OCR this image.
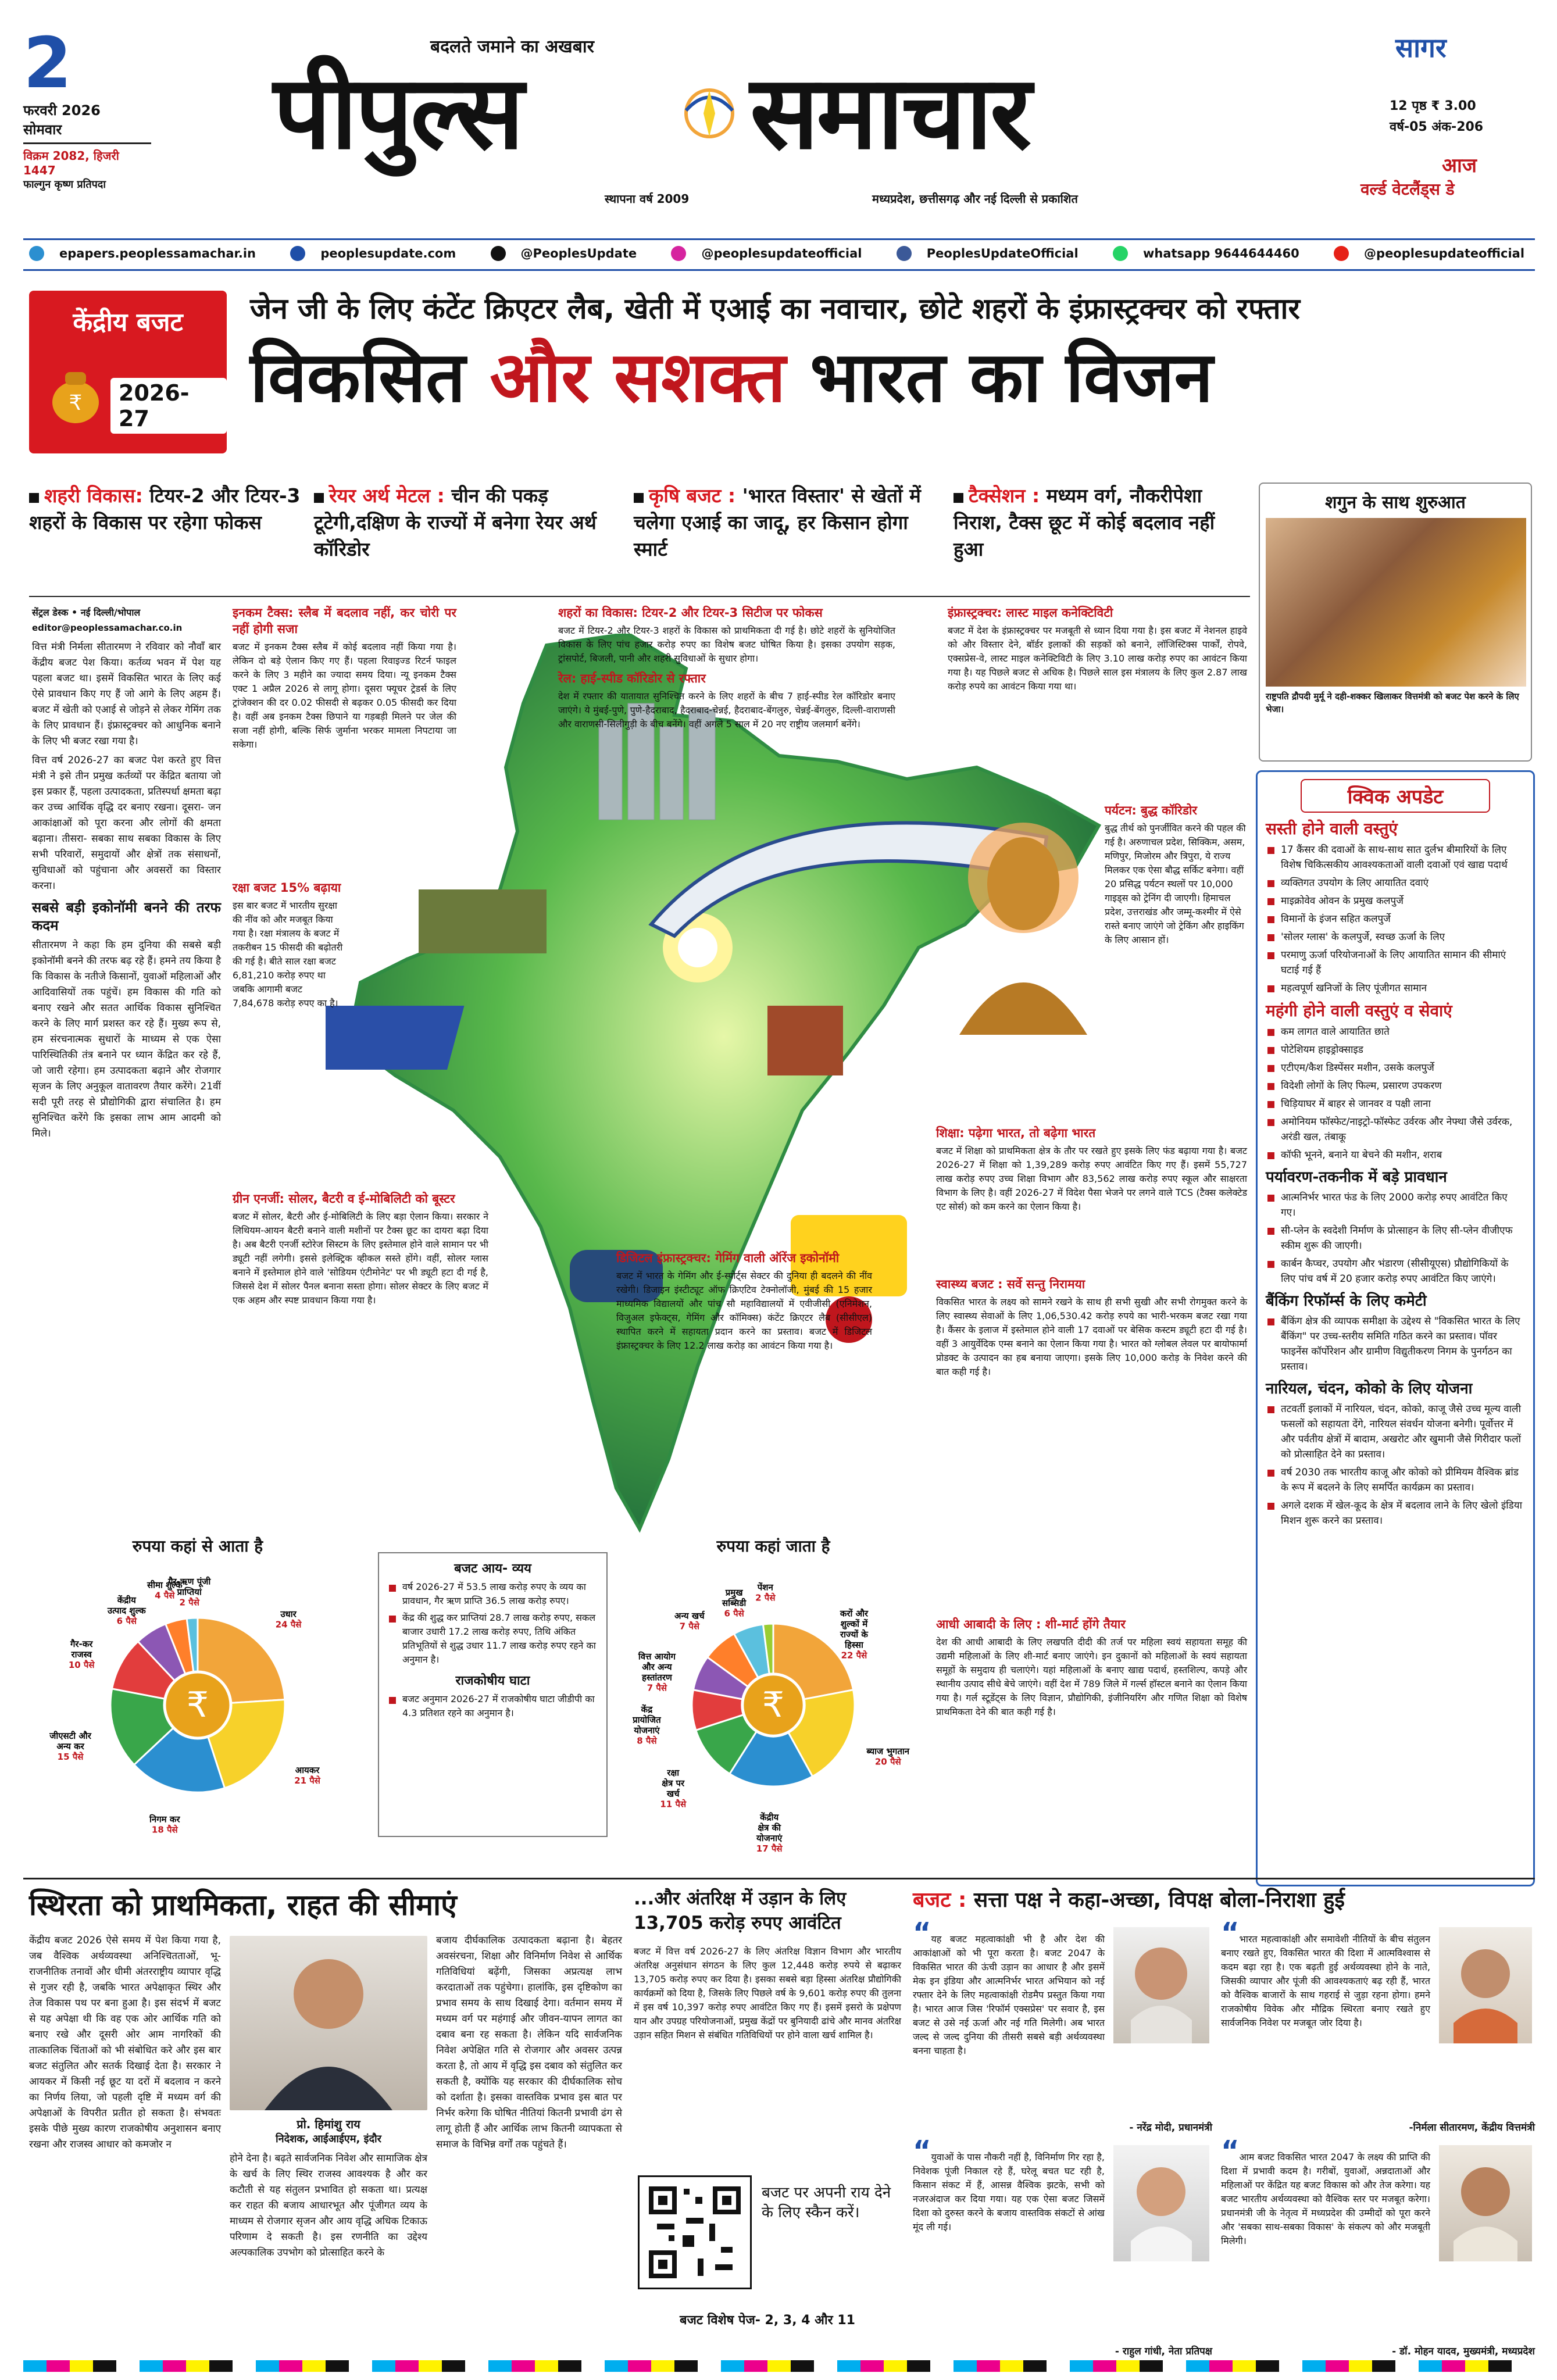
2
फरवरी 2026
सोमवार
विक्रम 2082, हिजरी 1447
फाल्गुन कृष्ण प्रतिपदा
बदलते जमाने का अखबार
पीपुल्स समाचार
स्थापना वर्ष 2009	मध्यप्रदेश, छत्तीसगढ़ और नई दिल्ली से प्रकाशित
सागर
12 पृष्ठ ₹ 3.00
वर्ष-05 अंक-206
आज
वर्ल्ड वेटलैंड्स डे
epapers.peoplessamachar.in	peoplesupdate.com	@PeoplesUpdate	@peoplesupdateofficial	PeoplesUpdateOfficial	whatsapp 9644644460	@peoplesupdateofficial
केंद्रीय बजट
₹	2026-27
जेन जी के लिए कंटेंट क्रिएटर लैब, खेती में एआई का नवाचार, छोटे शहरों के इंफ्रास्ट्रक्चर को रफ्तार
विकसित और सशक्त भारत का विजन
शहरी विकास: टियर-2 और टियर-3 शहरों के विकास पर रहेगा फोकस
रेयर अर्थ मेटल : चीन की पकड़ टूटेगी,दक्षिण के राज्यों में बनेगा रेयर अर्थ कॉरिडोर
कृषि बजट : 'भारत विस्तार' से खेतों में चलेगा एआई का जादू, हर किसान होगा स्मार्ट
टैक्सेशन : मध्यम वर्ग, नौकरीपेशा निराश, टैक्स छूट में कोई बदलाव नहीं हुआ
सेंट्रल डेस्क • नई दिल्ली/भोपाल
editor@peoplessamachar.co.in

वित्त मंत्री निर्मला सीतारमण ने रविवार को नौवाँ बार केंद्रीय बजट पेश किया। कर्तव्य भवन में पेश यह पहला बजट था। इसमें विकसित भारत के लिए कई ऐसे प्रावधान किए गए हैं जो आगे के लिए अहम हैं। बजट में खेती को एआई से जोड़ने से लेकर गेमिंग तक के लिए प्रावधान हैं। इंफ्रास्ट्रक्चर को आधुनिक बनाने के लिए भी बजट रखा गया है।

वित्त वर्ष 2026-27 का बजट पेश करते हुए वित्त मंत्री ने इसे तीन प्रमुख कर्तव्यों पर केंद्रित बताया जो इस प्रकार हैं, पहला उत्पादकता, प्रतिस्पर्धा क्षमता बढ़ा कर उच्च आर्थिक वृद्धि दर बनाए रखना। दूसरा- जन आकांक्षाओं को पूरा करना और लोगों की क्षमता बढ़ाना। तीसरा- सबका साथ सबका विकास के लिए सभी परिवारों, समुदायों और क्षेत्रों तक संसाधनों, सुविधाओं को पहुंचाना और अवसरों का विस्तार करना।

सबसे बड़ी इकोनॉमी बनने की तरफ कदम

सीतारमण ने कहा कि हम दुनिया की सबसे बड़ी इकोनॉमी बनने की तरफ बढ़ रहे हैं। हमने तय किया है कि विकास के नतीजे किसानों, युवाओं महिलाओं और आदिवासियों तक पहुंचें। हम विकास की गति को बनाए रखने और सतत आर्थिक विकास सुनिश्चित करने के लिए मार्ग प्रशस्त कर रहे हैं। मुख्य रूप से, हम संरचनात्मक सुधारों के माध्यम से एक ऐसा पारिस्थितिकी तंत्र बनाने पर ध्यान केंद्रित कर रहे हैं, जो जारी रहेगा। हम उत्पादकता बढ़ाने और रोजगार सृजन के लिए अनुकूल वातावरण तैयार करेंगे। 21वीं सदी पूरी तरह से प्रौद्योगिकी द्वारा संचालित है। हम सुनिश्चित करेंगे कि इसका लाभ आम आदमी को मिले।

इनकम टैक्स: स्लैब में बदलाव नहीं, कर चोरी पर नहीं होगी सजा

बजट में इनकम टैक्स स्लैब में कोई बदलाव नहीं किया गया है। लेकिन दो बड़े ऐलान किए गए हैं। पहला रिवाइज्ड रिटर्न फाइल करने के लिए 3 महीने का ज्यादा समय दिया। न्यू इनकम टैक्स एक्ट 1 अप्रैल 2026 से लागू होगा। दूसरा फ्यूचर ट्रेडर्स के लिए ट्रांजेक्शन की दर 0.02 फीसदी से बढ़कर 0.05 फीसदी कर दिया है। वहीं अब इनकम टैक्स छिपाने या गड़बड़ी मिलने पर जेल की सजा नहीं होगी, बल्कि सिर्फ जुर्माना भरकर मामला निपटाया जा सकेगा।

रक्षा बजट 15% बढ़ाया

इस बार बजट में भारतीय सुरक्षा की नींव को और मजबूत किया गया है। रक्षा मंत्रालय के बजट में तकरीबन 15 फीसदी की बढ़ोतरी की गई है। बीते साल रक्षा बजट 6,81,210 करोड़ रुपए था जबकि आगामी बजट 7,84,678 करोड़ रुपए का है।

ग्रीन एनर्जी: सोलर, बैटरी व ई-मोबिलिटी को बूस्टर

बजट में सोलर, बैटरी और ई-मोबिलिटी के लिए बड़ा ऐलान किया। सरकार ने लिथियम-आयन बैटरी बनाने वाली मशीनों पर टैक्स छूट का दायरा बढ़ा दिया है। अब बैटरी एनर्जी स्टोरेज सिस्टम के लिए इस्तेमाल होने वाले सामान पर भी ड्यूटी नहीं लगेगी। इससे इलेक्ट्रिक व्हीकल सस्ते होंगे। वहीं, सोलर ग्लास बनाने में इस्तेमाल होने वाले 'सोडियम एंटीमोनेट' पर भी ड्यूटी हटा दी गई है, जिससे देश में सोलर पैनल बनाना सस्ता होगा। सोलर सेक्टर के लिए बजट में एक अहम और स्पष्ट प्रावधान किया गया है।

शहरों का विकास: टियर-2 और टियर-3 सिटीज पर फोकस

बजट में टियर-2 और टियर-3 शहरों के विकास को प्राथमिकता दी गई है। छोटे शहरों के सुनियोजित विकास के लिए पांच हजार करोड़ रुपए का विशेष बजट घोषित किया है। इसका उपयोग सड़क, ट्रांसपोर्ट, बिजली, पानी और शहरी सुविधाओं के सुधार होगा।

रेल: हाई-स्पीड कॉरिडोर से रफ्तार

देश में रफ्तार की यातायात सुनिश्चित करने के लिए शहरों के बीच 7 हाई-स्पीड रेल कॉरिडोर बनाए जाएंगे। ये मुंबई-पुणे, पुणे-हैदराबाद, हैदराबाद-चेन्नई, हैदराबाद-बेंगलुरु, चेन्नई-बेंगलुरु, दिल्ली-वाराणसी और वाराणसी-सिलीगुड़ी के बीच बनेंगे। वहीं अगले 5 साल में 20 नए राष्ट्रीय जलमार्ग बनेंगे।

इंफ्रास्ट्रक्चर: लास्ट माइल कनेक्टिविटी

बजट में देश के इंफ्रास्ट्रक्चर पर मजबूती से ध्यान दिया गया है। इस बजट में नेशनल हाइवे को और विस्तार देने, बॉर्डर इलाकों की सड़कों को बनाने, लॉजिस्टिक्स पार्कों, रोपवे, एक्सप्रेस-वे, लास्ट माइल कनेक्टिविटी के लिए 3.10 लाख करोड़ रुपए का आवंटन किया गया है। यह पिछले बजट से अधिक है। पिछले साल इस मंत्रालय के लिए कुल 2.87 लाख करोड़ रुपये का आवंटन किया गया था।

पर्यटन: बुद्ध कॉरिडोर

बुद्ध तीर्थ को पुनर्जीवित करने की पहल की गई है। अरुणाचल प्रदेश, सिक्किम, असम, मणिपुर, मिजोरम और त्रिपुरा, ये राज्य मिलकर एक ऐसा बौद्ध सर्किट बनेगा। वहीं 20 प्रसिद्ध पर्यटन स्थलों पर 10,000 गाइड्स को ट्रेनिंग दी जाएगी। हिमाचल प्रदेश, उत्तराखंड और जम्मू-कश्मीर में ऐसे रास्ते बनाए जाएंगे जो ट्रेकिंग और हाइकिंग के लिए आसान हों।

शिक्षा: पढ़ेगा भारत, तो बढ़ेगा भारत

बजट में शिक्षा को प्राथमिकता क्षेत्र के तौर पर रखते हुए इसके लिए फंड बढ़ाया गया है। बजट 2026-27 में शिक्षा को 1,39,289 करोड़ रुपए आवंटित किए गए हैं। इसमें 55,727 लाख करोड़ रुपए उच्च शिक्षा विभाग और 83,562 लाख करोड़ रुपए स्कूल और साक्षरता विभाग के लिए है। वहीं 2026-27 में विदेश पैसा भेजने पर लगने वाले TCS (टैक्स कलेक्टेड एट सोर्स) को कम करने का ऐलान किया है।

डिजिटल इंफ्रास्ट्रक्चर: गेमिंग वाली ऑरेंज इकोनॉमी

बजट में भारत के गेमिंग और ई-स्पोर्ट्स सेक्टर की दुनिया ही बदलने की नींव रखेगी। डिजाइन इंस्टीट्यूट ऑफ क्रिएटिव टेक्नोलॉजी, मुंबई की 15 हजार माध्यमिक विद्यालयों और पांच सौ महाविद्यालयों में एवीजीसी (एनिमेशन, विजुअल इफेक्ट्स, गेमिंग और कॉमिक्स) कंटेंट क्रिएटर लैब (सीसीएल) स्थापित करने में सहायता प्रदान करने का प्रस्ताव। बजट में डिजिटल इंफ्रास्ट्रक्चर के लिए 12.2 लाख करोड़ का आवंटन किया गया है।

स्वास्थ्य बजट : सर्वे सन्तु निरामया

विकसित भारत के लक्ष्य को सामने रखने के साथ ही सभी सुखी और सभी रोगमुक्त करने के लिए स्वास्थ्य सेवाओं के लिए 1,06,530.42 करोड़ रुपये का भारी-भरकम बजट रखा गया है। कैंसर के इलाज में इस्तेमाल होने वाली 17 दवाओं पर बेसिक कस्टम ड्यूटी हटा दी गई है। वहीं 3 आयुर्वेदिक एम्स बनाने का ऐलान किया गया है। भारत को ग्लोबल लेवल पर बायोफार्मा प्रोडक्ट के उत्पादन का हब बनाया जाएगा। इसके लिए 10,000 करोड़ के निवेश करने की बात कही गई है।

आधी आबादी के लिए : शी-मार्ट होंगे तैयार

देश की आधी आबादी के लिए लखपति दीदी की तर्ज पर महिला स्वयं सहायता समूह की उद्यमी महिलाओं के लिए शी-मार्ट बनाए जाएंगे। इन दुकानों को महिलाओं के स्वयं सहायता समूहों के समुदाय ही चलाएंगे। यहां महिलाओं के बनाए खाद्य पदार्थ, हस्तशिल्प, कपड़े और स्थानीय उत्पाद सीधे बेचे जाएंगे। वहीं देश में 789 जिले में गर्ल्स हॉस्टल बनाने का ऐलान किया गया है। गर्ल स्टूडेंट्स के लिए विज्ञान, प्रौद्योगिकी, इंजीनियरिंग और गणित शिक्षा को विशेष प्राथमिकता देने की बात कही गई है।

रुपया कहां से आता है
उधार 24 पैसे
आयकर 21 पैसे
निगम कर 18 पैसे
जीएसटी और अन्य कर 15 पैसे
गैर-कर राजस्व 10 पैसे
केंद्रीय उत्पाद शुल्क 6 पैसे
सीमा शुल्क 4 पैसे
गैर-ऋण पूंजी प्राप्तियां 2 पैसे
₹
रुपया कहां जाता है
करों और शुल्कों में राज्यों के हिस्सा 22 पैसे
ब्याज भुगतान 20 पैसे
केंद्रीय क्षेत्र की योजनाएं 17 पैसे
रक्षा क्षेत्र पर खर्च 11 पैसे
केंद्र प्रायोजित योजनाएं 8 पैसे
वित्त आयोग और अन्य हस्तांतरण 7 पैसे
अन्य खर्च 7 पैसे
प्रमुख सब्सिडी 6 पैसे
पेंशन 2 पैसे
₹
बजट आय- व्यय
वर्ष 2026-27 में 53.5 लाख करोड़ रुपए के व्यय का प्रावधान, गैर ऋण प्राप्ति 36.5 लाख करोड़ रुपए।
केंद्र की शुद्ध कर प्राप्तियां 28.7 लाख करोड़ रुपए, सकल बाजार उधारी 17.2 लाख करोड़ रुपए, तिथि अंकित प्रतिभूतियों से शुद्ध उधार 11.7 लाख करोड़ रुपए रहने का अनुमान है।
राजकोषीय घाटा
बजट अनुमान 2026-27 में राजकोषीय घाटा जीडीपी का 4.3 प्रतिशत रहने का अनुमान है।
शगुन के साथ शुरुआत
राष्ट्रपति द्रौपदी मुर्मू ने दही-शक्कर खिलाकर वित्तमंत्री को बजट पेश करने के लिए भेजा।
क्विक अपडेट
सस्ती होने वाली वस्तुएं
17 कैंसर की दवाओं के साथ-साथ सात दुर्लभ बीमारियों के लिए विशेष चिकित्सकीय आवश्यकताओं वाली दवाओं एवं खाद्य पदार्थ
व्यक्तिगत उपयोग के लिए आयातित दवाएं
माइक्रोवेव ओवन के प्रमुख कलपुर्जे
विमानों के इंजन सहित कलपुर्जे
'सोलर ग्लास' के कलपुर्जे, स्वच्छ ऊर्जा के लिए
परमाणु ऊर्जा परियोजनाओं के लिए आयातित सामान की सीमाएं घटाई गई हैं
महत्वपूर्ण खनिजों के लिए पूंजीगत सामान
महंगी होने वाली वस्तुएं व सेवाएं
कम लागत वाले आयातित छाते
पोटेशियम हाइड्रोक्साइड
एटीएम/कैश डिस्पेंसर मशीन, उसके कलपुर्जे
विदेशी लोगों के लिए फिल्म, प्रसारण उपकरण
चिड़ियाघर में बाहर से जानवर व पक्षी लाना
अमोनियम फॉस्फेट/नाइट्रो-फॉस्फेट उर्वरक और नेफ्था जैसे उर्वरक, अरंडी खल, तंबाकू
कॉफी भूनने, बनाने या बेचने की मशीन, शराब
पर्यावरण-तकनीक में बड़े प्रावधान
आत्मनिर्भर भारत फंड के लिए 2000 करोड़ रुपए आवंटित किए गए।
सी-प्लेन के स्वदेशी निर्माण के प्रोत्साहन के लिए सी-प्लेन वीजीएफ स्कीम शुरू की जाएगी।
कार्बन कैप्चर, उपयोग और भंडारण (सीसीयूएस) प्रौद्योगिकियों के लिए पांच वर्ष में 20 हजार करोड़ रुपए आवंटित किए जाएंगे।
बैंकिंग रिफॉर्म्स के लिए कमेटी
बैंकिंग क्षेत्र की व्यापक समीक्षा के उद्देश्य से "विकसित भारत के लिए बैंकिंग" पर उच्च-स्तरीय समिति गठित करने का प्रस्ताव। पॉवर फाइनेंस कॉर्पोरेशन और ग्रामीण विद्युतीकरण निगम के पुनर्गठन का प्रस्ताव।
नारियल, चंदन, कोको के लिए योजना
तटवर्ती इलाकों में नारियल, चंदन, कोको, काजू जैसे उच्च मूल्य वाली फसलों को सहायता देंगे, नारियल संवर्धन योजना बनेगी। पूर्वोत्तर में और पर्वतीय क्षेत्रों में बादाम, अखरोट और खुमानी जैसे गिरीदार फलों को प्रोत्साहित देने का प्रस्ताव।
वर्ष 2030 तक भारतीय काजू और कोको को प्रीमियम वैश्विक ब्रांड के रूप में बदलने के लिए समर्पित कार्यक्रम का प्रस्ताव।
अगले दशक में खेल-कूद के क्षेत्र में बदलाव लाने के लिए खेलो इंडिया मिशन शुरू करने का प्रस्ताव।
स्थिरता को प्राथमिकता, राहत की सीमाएं

केंद्रीय बजट 2026 ऐसे समय में पेश किया गया है, जब वैश्विक अर्थव्यवस्था अनिश्चितताओं, भू-राजनीतिक तनावों और धीमी अंतरराष्ट्रीय व्यापार वृद्धि से गुजर रही है, जबकि भारत अपेक्षाकृत स्थिर और तेज विकास पथ पर बना हुआ है। इस संदर्भ में बजट से यह अपेक्षा थी कि वह एक ओर आर्थिक गति को बनाए रखे और दूसरी ओर आम नागरिकों की तात्कालिक चिंताओं को भी संबोधित करे और इस बार बजट संतुलित और सतर्क दिखाई देता है। सरकार ने आयकर में किसी नई छूट या दरों में बदलाव न करने का निर्णय लिया, जो पहली दृष्टि में मध्यम वर्ग की अपेक्षाओं के विपरीत प्रतीत हो सकता है। संभवतः इसके पीछे मुख्य कारण राजकोषीय अनुशासन बनाए रखना और राजस्व आधार को कमजोर न

प्रो. हिमांशु राय
निदेशक, आईआईएम, इंदौर

होने देना है। बढ़ते सार्वजनिक निवेश और सामाजिक क्षेत्र के खर्च के लिए स्थिर राजस्व आवश्यक है और कर कटौती से यह संतुलन प्रभावित हो सकता था। प्रत्यक्ष कर राहत की बजाय आधारभूत और पूंजीगत व्यय के माध्यम से रोजगार सृजन और आय वृद्धि अधिक टिकाऊ परिणाम दे सकती है। इस रणनीति का उद्देश्य अल्पकालिक उपभोग को प्रोत्साहित करने के

बजाय दीर्घकालिक उत्पादकता बढ़ाना है। बेहतर अवसंरचना, शिक्षा और विनिर्माण निवेश से आर्थिक गतिविधियां बढ़ेंगी, जिसका अप्रत्यक्ष लाभ करदाताओं तक पहुंचेगा। हालांकि, इस दृष्टिकोण का प्रभाव समय के साथ दिखाई देगा। वर्तमान समय में मध्यम वर्ग पर महंगाई और जीवन-यापन लागत का दबाव बना रह सकता है। लेकिन यदि सार्वजनिक निवेश अपेक्षित गति से रोजगार और अवसर उत्पन्न करता है, तो आय में वृद्धि इस दबाव को संतुलित कर सकती है, क्योंकि यह सरकार की दीर्घकालिक सोच को दर्शाता है। इसका वास्तविक प्रभाव इस बात पर निर्भर करेगा कि घोषित नीतियां कितनी प्रभावी ढंग से लागू होती हैं और आर्थिक लाभ कितनी व्यापकता से समाज के विभिन्न वर्गों तक पहुंचते हैं।

...और अंतरिक्ष में उड़ान के लिए 13,705 करोड़ रुपए आवंटित
बजट में वित्त वर्ष 2026-27 के लिए अंतरिक्ष विज्ञान विभाग और भारतीय अंतरिक्ष अनुसंधान संगठन के लिए कुल 12,448 करोड़ रुपये से बढ़ाकर 13,705 करोड़ रुपए कर दिया है। इसका सबसे बड़ा हिस्सा अंतरिक्ष प्रौद्योगिकी कार्यक्रमों को दिया है, जिसके लिए पिछले वर्ष के 9,601 करोड़ रुपए की तुलना में इस वर्ष 10,397 करोड़ रुपए आवंटित किए गए हैं। इसमें इसरो के प्रक्षेपण यान और उपग्रह परियोजनाओं, प्रमुख केंद्रों पर बुनियादी ढांचे और मानव अंतरिक्ष उड़ान सहित मिशन से संबंधित गतिविधियों पर होने वाला खर्च शामिल है।
बजट पर अपनी राय देने के लिए स्कैन करें।
बजट विशेष पेज- 2, 3, 4 और 11
बजट : सत्ता पक्ष ने कहा-अच्छा, विपक्ष बोला-निराशा हुई
“यह बजट महत्वाकांक्षी भी है और देश की आकांक्षाओं को भी पूरा करता है। बजट 2047 के विकसित भारत की ऊंची उड़ान का आधार है और इसमें मेक इन इंडिया और आत्मनिर्भर भारत अभियान को नई रफ्तार देने के लिए महत्वाकांक्षी रोडमैप प्रस्तुत किया गया है। भारत आज जिस 'रिफॉर्म एक्सप्रेस' पर सवार है, इस बजट से उसे नई ऊर्जा और नई गति मिलेगी। अब भारत जल्द से जल्द दुनिया की तीसरी सबसे बड़ी अर्थव्यवस्था बनना चाहता है।
- नरेंद्र मोदी, प्रधानमंत्री
“भारत महत्वाकांक्षी और समावेशी नीतियों के बीच संतुलन बनाए रखते हुए, विकसित भारत की दिशा में आत्मविश्वास से कदम बढ़ा रहा है। एक बढ़ती हुई अर्थव्यवस्था होने के नाते, जिसकी व्यापार और पूंजी की आवश्यकताएं बढ़ रही हैं, भारत को वैश्विक बाजारों के साथ गहराई से जुड़ा रहना होगा। हमने राजकोषीय विवेक और मौद्रिक स्थिरता बनाए रखते हुए सार्वजनिक निवेश पर मजबूत जोर दिया है।
-निर्मला सीतारमण, केंद्रीय वित्तमंत्री
“युवाओं के पास नौकरी नहीं है, विनिर्माण गिर रहा है, निवेशक पूंजी निकाल रहे हैं, घरेलू बचत घट रही है, किसान संकट में हैं, आसन्न वैश्विक झटके, सभी को नजरअंदाज कर दिया गया। यह एक ऐसा बजट जिसमें दिशा को दुरुस्त करने के बजाय वास्तविक संकटों से आंख मूंद ली गई।
- राहुल गांधी, नेता प्रतिपक्ष
“आम बजट विकसित भारत 2047 के लक्ष्य की प्राप्ति की दिशा में प्रभावी कदम है। गरीबों, युवाओं, अन्नदाताओं और महिलाओं पर केंद्रित यह बजट विकास को और तेज करेगा। यह बजट भारतीय अर्थव्यवस्था को वैश्विक स्तर पर मजबूत करेगा। प्रधानमंत्री जी के नेतृत्व में मध्यप्रदेश की उम्मीदों को पूरा करने और 'सबका साथ-सबका विकास' के संकल्प को और मजबूती मिलेगी।
- डॉ. मोहन यादव, मुख्यमंत्री, मध्यप्रदेश
